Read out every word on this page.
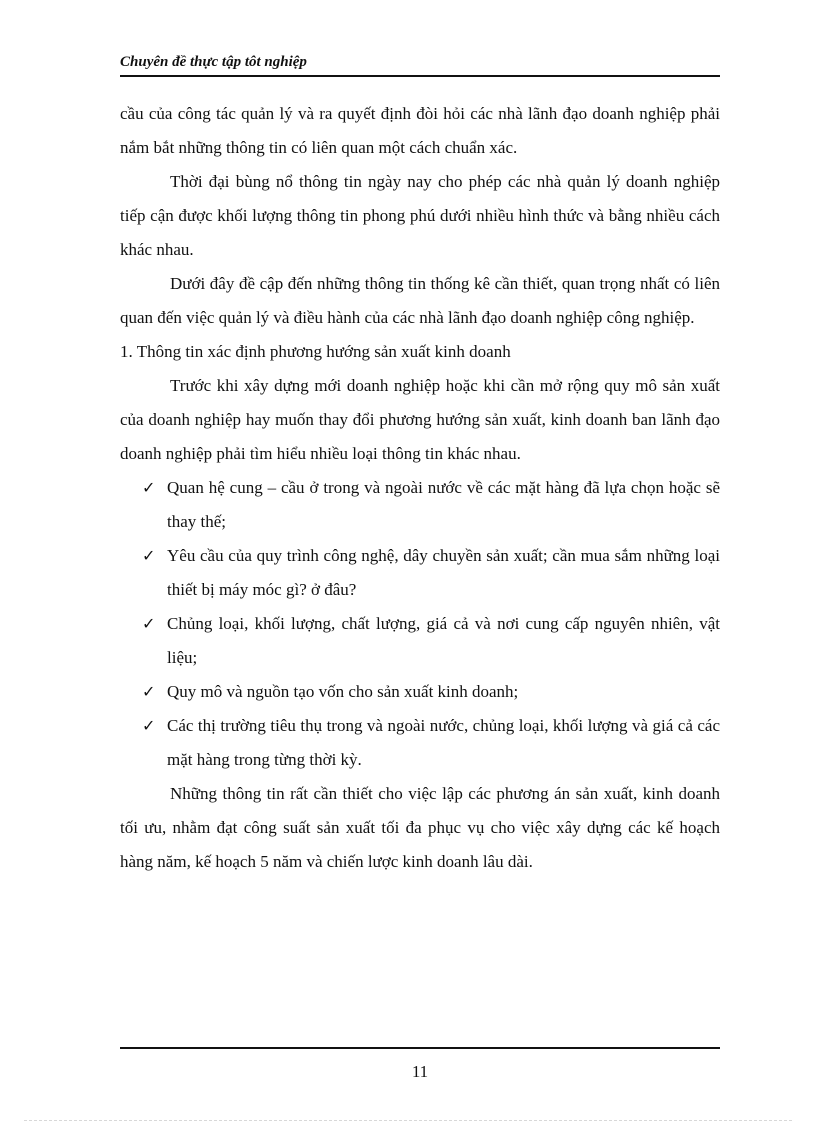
Chuyên đề thực tập tôt nghiệp

cầu của công tác quản lý và ra quyết định đòi hỏi các nhà lãnh đạo doanh nghiệp phải nắm bắt những thông tin có liên quan một cách chuẩn xác.

Thời đại bùng nổ thông tin ngày nay cho phép các nhà quản lý doanh nghiệp tiếp cận được khối lượng thông tin phong phú dưới nhiều hình thức và bằng nhiều cách khác nhau.

Dưới đây đề cập đến những thông tin thống kê cần thiết, quan trọng nhất có liên quan đến việc quản lý và điều hành của các nhà lãnh đạo doanh nghiệp công nghiệp.

1. Thông tin xác định phương hướng sản xuất kinh doanh

Trước khi xây dựng mới doanh nghiệp hoặc khi cần mở rộng quy mô sản xuất của doanh nghiệp hay muốn thay đổi phương hướng sản xuất, kinh doanh ban lãnh đạo doanh nghiệp phải tìm hiểu nhiều loại thông tin khác nhau.

✓ Quan hệ cung – cầu ở trong và ngoài nước về các mặt hàng đã lựa chọn hoặc sẽ thay thế;
✓ Yêu cầu của quy trình công nghệ, dây chuyền sản xuất; cần mua sắm những loại thiết bị máy móc gì? ở đâu?
✓ Chủng loại, khối lượng, chất lượng, giá cả và nơi cung cấp nguyên nhiên, vật liệu;
✓ Quy mô và nguồn tạo vốn cho sản xuất kinh doanh;
✓ Các thị trường tiêu thụ trong và ngoài nước, chủng loại, khối lượng và giá cả các mặt hàng trong từng thời kỳ.

Những thông tin rất cần thiết cho việc lập các phương án sản xuất, kinh doanh tối ưu, nhằm đạt công suất sản xuất tối đa phục vụ cho việc xây dựng các kế hoạch hàng năm, kế hoạch 5 năm và chiến lược kinh doanh lâu dài.

11
